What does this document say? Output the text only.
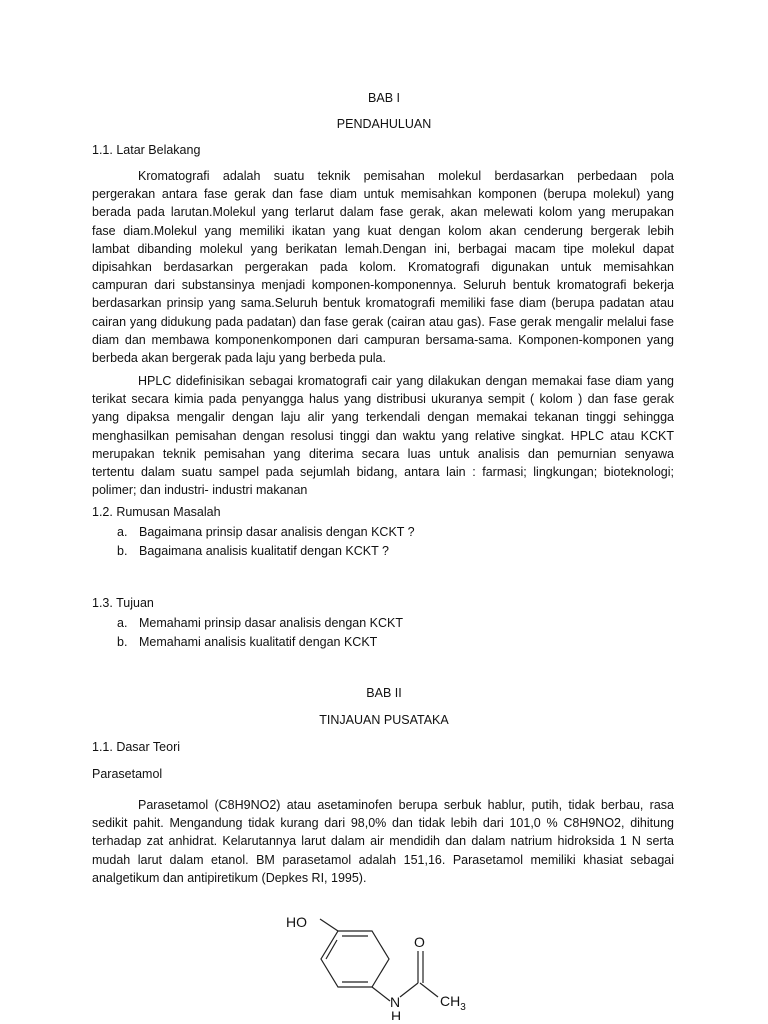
BAB I
PENDAHULUAN
1.1. Latar Belakang
Kromatografi adalah suatu teknik pemisahan molekul berdasarkan perbedaan pola
pergerakan antara fase gerak dan fase diam untuk memisahkan komponen (berupa molekul) yang
berada pada larutan.Molekul yang terlarut dalam fase gerak, akan melewati kolom yang merupakan
fase diam.Molekul yang memiliki ikatan yang kuat dengan kolom akan cenderung bergerak lebih
lambat dibanding molekul yang berikatan lemah.Dengan ini, berbagai macam tipe molekul dapat
dipisahkan berdasarkan pergerakan pada kolom. Kromatografi digunakan untuk memisahkan
campuran dari substansinya menjadi komponen-komponennya. Seluruh bentuk kromatografi bekerja
berdasarkan prinsip yang sama.Seluruh bentuk kromatografi memiliki fase diam (berupa padatan atau
cairan yang didukung pada padatan) dan fase gerak (cairan atau gas). Fase gerak mengalir melalui fase
diam dan membawa komponenkomponen dari campuran bersama-sama. Komponen-komponen yang
berbeda akan bergerak pada laju yang berbeda pula.
HPLC didefinisikan sebagai kromatografi cair yang dilakukan dengan memakai fase diam yang
terikat secara kimia pada penyangga halus yang distribusi ukuranya sempit ( kolom ) dan fase gerak
yang dipaksa mengalir dengan laju alir yang terkendali dengan memakai tekanan tinggi sehingga
menghasilkan pemisahan dengan resolusi tinggi dan waktu yang relative singkat. HPLC atau KCKT
merupakan teknik pemisahan yang diterima secara luas untuk analisis dan pemurnian senyawa
tertentu dalam suatu sampel pada sejumlah bidang, antara lain : farmasi; lingkungan; bioteknologi;
polimer; dan industri- industri makanan
1.2. Rumusan Masalah
a. Bagaimana prinsip dasar analisis dengan KCKT ?
b. Bagaimana analisis kualitatif dengan KCKT ?
1.3. Tujuan
a. Memahami prinsip dasar analisis dengan KCKT
b. Memahami analisis kualitatif dengan KCKT
BAB II
TINJAUAN PUSATAKA
1.1. Dasar Teori
Parasetamol
Parasetamol (C8H9NO2) atau asetaminofen berupa serbuk hablur, putih, tidak berbau, rasa
sedikit pahit. Mengandung tidak kurang dari 98,0% dan tidak lebih dari 101,0 % C8H9NO2, dihitung
terhadap zat anhidrat. Kelarutannya larut dalam air mendidih dan dalam natrium hidroksida 1 N serta
mudah larut dalam etanol. BM parasetamol adalah 151,16. Parasetamol memiliki khasiat sebagai
analgetikum dan antipiretikum (Depkes RI, 1995).
HO
O
N
H
$CH_3$
